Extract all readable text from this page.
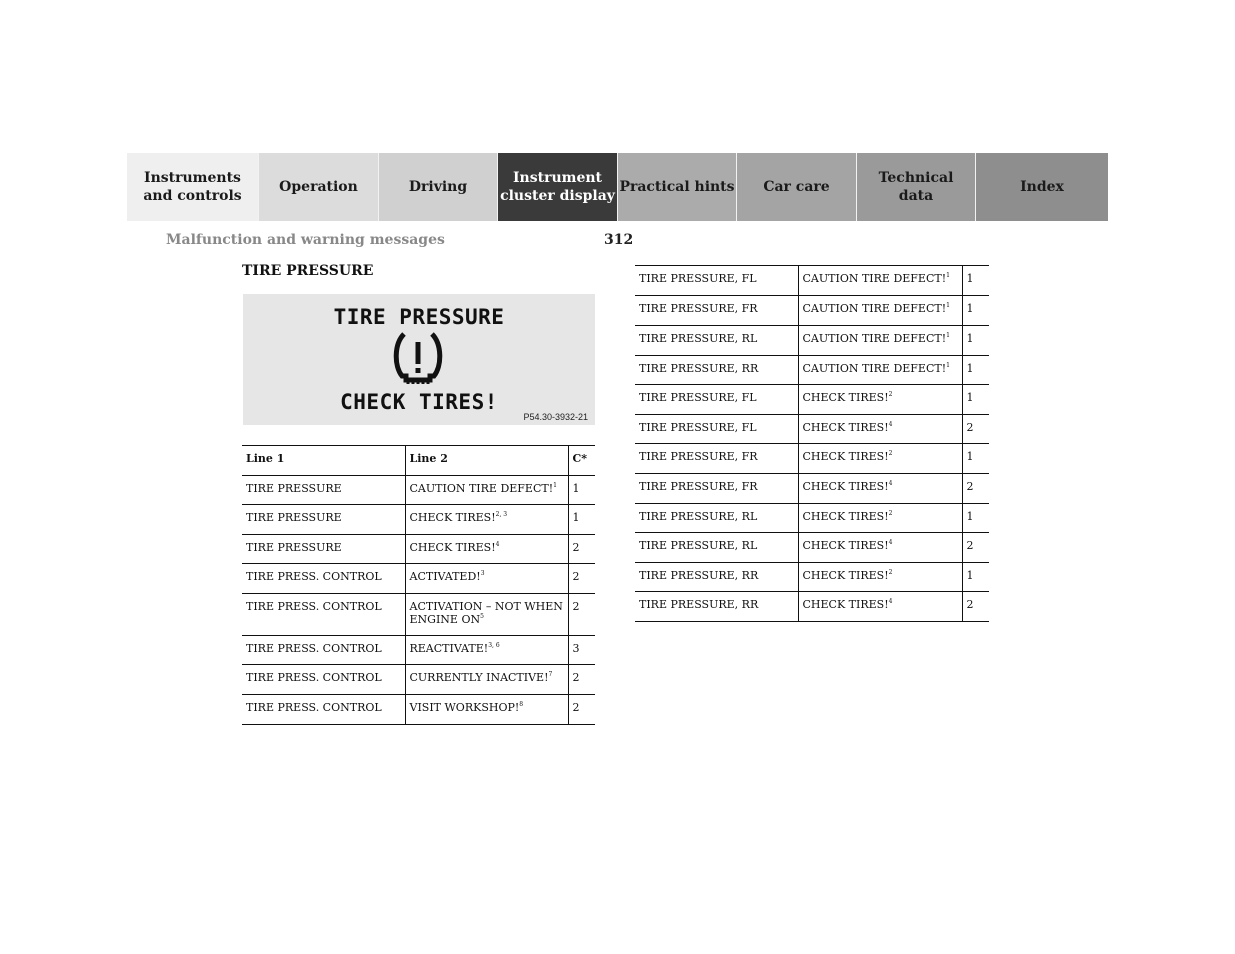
Instruments
and controls
Operation	Driving
Instrument
cluster display
Practical hints	Car care
Technical
data
Index
Malfunction and warning messages	312
TIRE PRESSURE
TIRE PRESSURE
CHECK TIRES!
P54.30-3932-21
Line 1	Line 2	C*
TIRE PRESSURE	CAUTION TIRE DEFECT!$^1$	1
TIRE PRESSURE	CHECK TIRES!$^{2, 3}$	1
TIRE PRESSURE	CHECK TIRES!$^4$	2
TIRE PRESS. CONTROL	ACTIVATED!$^3$	2
TIRE PRESS. CONTROL	ACTIVATION – NOT WHEN ENGINE $ON^5$	2
TIRE PRESS. CONTROL	REACTIVATE!$^{3, 6}$	3
TIRE PRESS. CONTROL	CURRENTLY INACTIVE!$^7$	2
TIRE PRESS. CONTROL	VISIT WORKSHOP!$^8$	2
TIRE PRESSURE, FL	CAUTION TIRE DEFECT!$^1$	1
TIRE PRESSURE, FR	CAUTION TIRE DEFECT!$^1$	1
TIRE PRESSURE, RL	CAUTION TIRE DEFECT!$^1$	1
TIRE PRESSURE, RR	CAUTION TIRE DEFECT!$^1$	1
TIRE PRESSURE, FL	CHECK TIRES!$^2$	1
TIRE PRESSURE, FL	CHECK TIRES!$^4$	2
TIRE PRESSURE, FR	CHECK TIRES!$^2$	1
TIRE PRESSURE, FR	CHECK TIRES!$^4$	2
TIRE PRESSURE, RL	CHECK TIRES!$^2$	1
TIRE PRESSURE, RL	CHECK TIRES!$^4$	2
TIRE PRESSURE, RR	CHECK TIRES!$^2$	1
TIRE PRESSURE, RR	CHECK TIRES!$^4$	2
